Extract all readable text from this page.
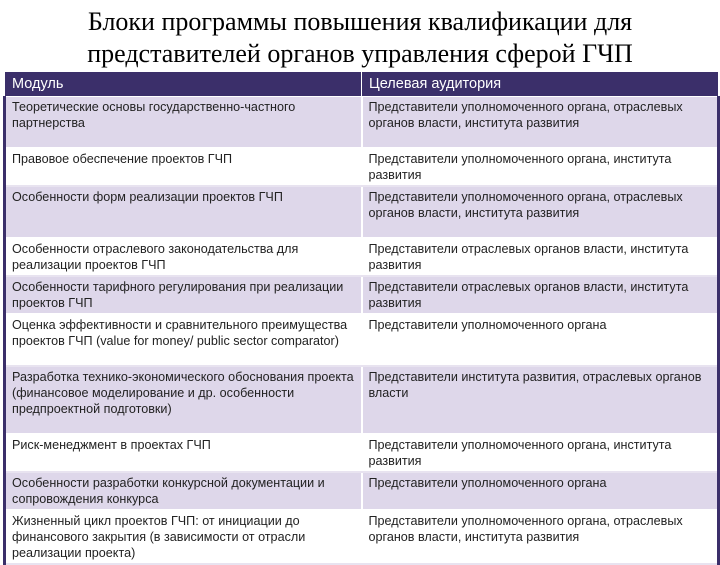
Блоки программы повышения квалификации для
представителей органов управления сферой ГЧП
Модуль	Целевая аудитория
Теоретические основы государственно-частного партнерства	Представители уполномоченного органа, отраслевых органов власти, института развития
Правовое обеспечение проектов ГЧП	Представители уполномоченного органа, института развития
Особенности форм реализации проектов ГЧП	Представители уполномоченного органа, отраслевых органов власти, института развития
Особенности отраслевого законодательства для реализации проектов ГЧП	Представители отраслевых органов власти, института развития
Особенности тарифного регулирования при реализации проектов ГЧП	Представители отраслевых органов власти, института развития
Оценка эффективности и сравнительного преимущества проектов ГЧП (value for money/ public sector comparator)	Представители уполномоченного органа
Разработка технико-экономического обоснования проекта (финансовое моделирование и др. особенности предпроектной подготовки)	Представители института развития, отраслевых органов власти
Риск-менеджмент в проектах ГЧП	Представители уполномоченного органа, института развития
Особенности разработки конкурсной документации и сопровождения конкурса	Представители уполномоченного органа
Жизненный цикл проектов ГЧП: от инициации до финансового закрытия (в зависимости от отрасли реализации проекта)	Представители уполномоченного органа, отраслевых органов власти, института развития
